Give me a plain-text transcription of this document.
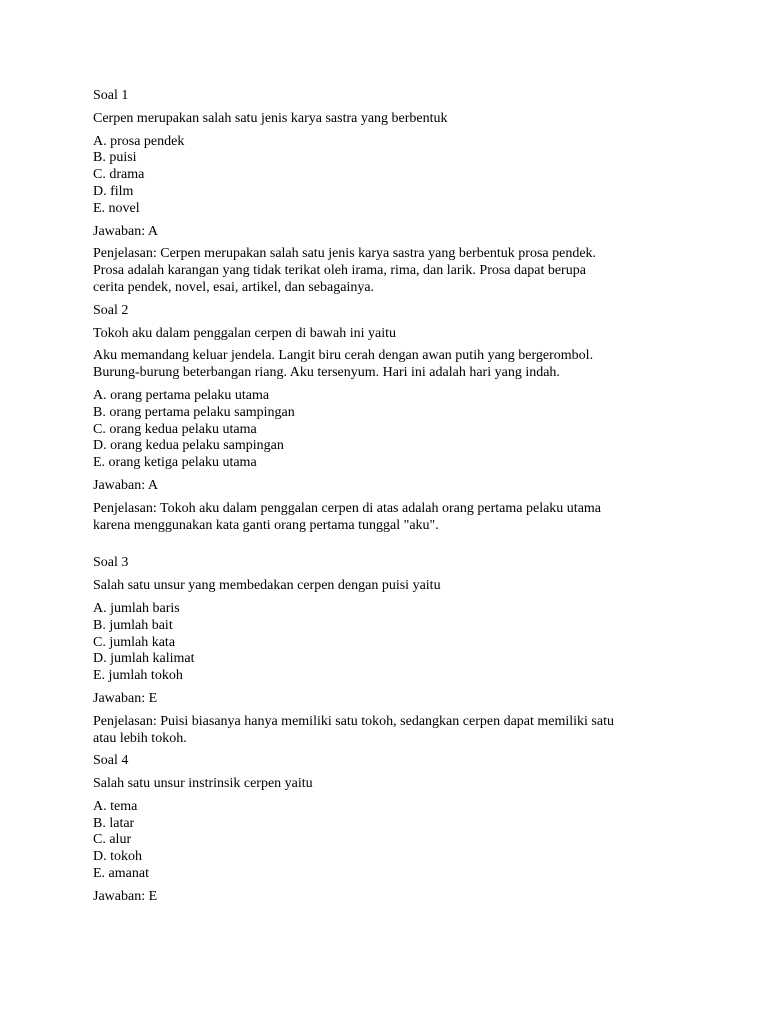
Soal 1

Cerpen merupakan salah satu jenis karya sastra yang berbentuk

A. prosa pendek

B. puisi

C. drama

D. film

E. novel

Jawaban: A

Penjelasan: Cerpen merupakan salah satu jenis karya sastra yang berbentuk prosa pendek.

Prosa adalah karangan yang tidak terikat oleh irama, rima, dan larik. Prosa dapat berupa

cerita pendek, novel, esai, artikel, dan sebagainya.

Soal 2

Tokoh aku dalam penggalan cerpen di bawah ini yaitu

Aku memandang keluar jendela. Langit biru cerah dengan awan putih yang bergerombol.

Burung-burung beterbangan riang. Aku tersenyum. Hari ini adalah hari yang indah.

A. orang pertama pelaku utama

B. orang pertama pelaku sampingan

C. orang kedua pelaku utama

D. orang kedua pelaku sampingan

E. orang ketiga pelaku utama

Jawaban: A

Penjelasan: Tokoh aku dalam penggalan cerpen di atas adalah orang pertama pelaku utama

karena menggunakan kata ganti orang pertama tunggal "aku".

Soal 3

Salah satu unsur yang membedakan cerpen dengan puisi yaitu

A. jumlah baris

B. jumlah bait

C. jumlah kata

D. jumlah kalimat

E. jumlah tokoh

Jawaban: E

Penjelasan: Puisi biasanya hanya memiliki satu tokoh, sedangkan cerpen dapat memiliki satu

atau lebih tokoh.

Soal 4

Salah satu unsur instrinsik cerpen yaitu

A. tema

B. latar

C. alur

D. tokoh

E. amanat

Jawaban: E
